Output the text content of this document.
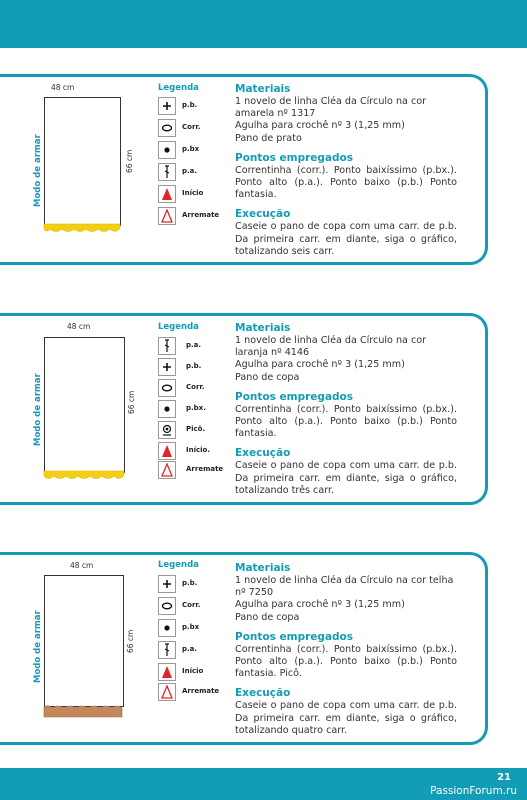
48 cm
66 cm
Modo de armar
Legenda
p.b.
Corr.
p.bx
p.a.
Início
Arremate
Materiais

1 novelo de linha Cléa da Círculo na cor amarela nº 1317

Agulha para crochê nº 3 (1,25 mm)

Pano de prato

Pontos empregados

Correntinha (corr.). Ponto baixíssimo (p.bx.). Ponto alto (p.a.). Ponto baixo (p.b.) Ponto fantasia.

Execução

Caseie o pano de copa com uma carr. de p.b. Da primeira carr. em diante, siga o gráfico, totalizando seis carr.

48 cm
66 cm
Modo de armar
Legenda
p.a.
p.b.
Corr.
p.bx.
Picô.
Início.
Arremate
Materiais

1 novelo de linha Cléa da Círculo na cor laranja nº 4146

Agulha para crochê nº 3 (1,25 mm)

Pano de copa

Pontos empregados

Correntinha (corr.). Ponto baixíssimo (p.bx.). Ponto alto (p.a.). Ponto baixo (p.b.) Ponto fantasia.

Execução

Caseie o pano de copa com uma carr. de p.b. Da primeira carr. em diante, siga o gráfico, totalizando três carr.

48 cm
66 cm
Modo de armar
Legenda
p.b.
Corr.
p.bx
p.a.
Início
Arremate
Materiais

1 novelo de linha Cléa da Círculo na cor telha nº 7250

Agulha para crochê nº 3 (1,25 mm)

Pano de copa

Pontos empregados

Correntinha (corr.). Ponto baixíssimo (p.bx.). Ponto alto (p.a.). Ponto baixo (p.b.) Ponto fantasia. Picô.

Execução

Caseie o pano de copa com uma carr. de p.b. Da primeira carr. em diante, siga o gráfico, totalizando quatro carr.

21
PassionForum.ru
